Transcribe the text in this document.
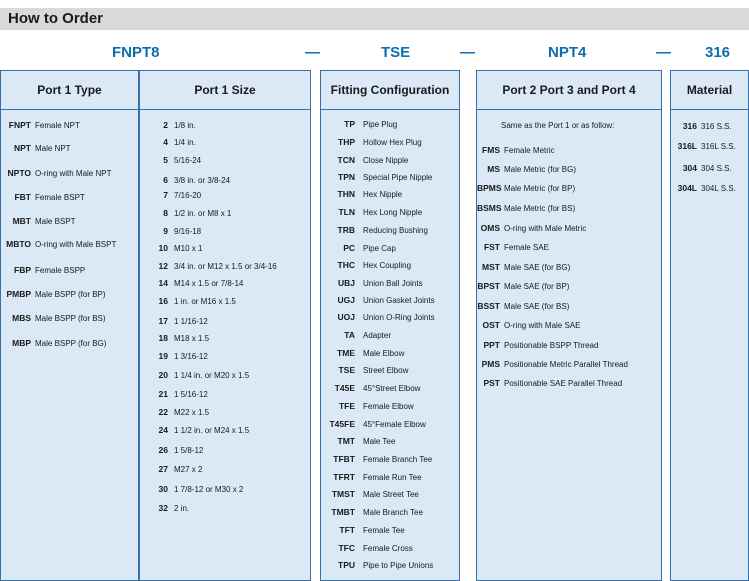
How to Order
FNPT8	—	TSE	—	NPT4	— 316
Port 1 Type
FNPT Female NPT
NPT Male NPT
NPTO O-ring with Male NPT
FBT Female BSPT
MBT Male BSPT
MBTO O-ring with Male BSPT
FBP Female BSPP
PMBP Male BSPP (for BP)
MBS Male BSPP (for BS)
MBP Male BSPP (for BG)
Port 1 Size
2 1/8 in.
4 1/4 in.
5 5/16-24
6 3/8 in. or 3/8-24
7 7/16-20
8 1/2 in. or M8 x 1
9 9/16-18
10 M10 x 1
12 3/4 in. or M12 x 1.5 or 3/4-16
14 M14 x 1.5 or 7/8-14
16 1 in. or M16 x 1.5
17 1 1/16-12
18 M18 x 1.5
19 1 3/16-12
20 1 1/4 in. or M20 x 1.5
21 1 5/16-12
22 M22 x 1.5
24 1 1/2 in. or M24 x 1.5
26 1 5/8-12
27 M27 x 2
30 1 7/8-12 or M30 x 2
32 2 in.
Fitting Configuration
TP Pipe Plug
THP Hollow Hex Plug
TCN Close Nipple
TPN Special Pipe Nipple
THN Hex Nipple
TLN Hex Long Nipple
TRB Reducing Bushing
PC Pipe Cap
THC Hex Coupling
UBJ Union Ball Joints
UGJ Union Gasket Joints
UOJ Union O-Ring Joints
TA Adapter
TME Male Elbow
TSE Street Elbow
T45E 45°Street Elbow
TFE Female Elbow
T45FE 45°Female Elbow
TMT Male Tee
TFBT Female Branch Tee
TFRT Female Run Tee
TMST Male Street Tee
TMBT Male Branch Tee
TFT Female Tee
TFC Female Cross
TPU Pipe to Pipe Unions
Port 2 Port 3 and Port 4
Same as the Port 1 or as follow:
FMS Female Metric
MS Male Metric (for BG)
BPMS Male Metric (for BP)
BSMS Male Metric (for BS)
OMS O-ring with Male Metric
FST Female SAE
MST Male SAE (for BG)
BPST Male SAE (for BP)
BSST Male SAE (for BS)
OST O-ring with Male SAE
PPT Positionable BSPP Thread
PMS Positionable Metric Parallel Thread
PST Positionable SAE Parallel Thread
Material
316 316 S.S.
316L 316L S.S.
304 304 S.S.
304L 304L S.S.
